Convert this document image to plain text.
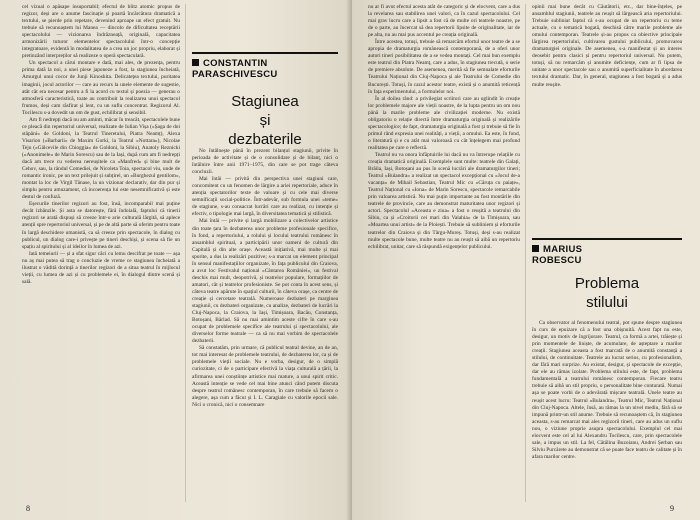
cel vizual o apăsape insuportabil; efectul de blitz atomic propus de regizor, deși are o anume fascinație și poartă încărcătura dramatică a textului, se pierde prin repetare, devenind aproape un efect gratuit. Nu trebuie să recunoaștem lui Manea — dincolo de dificultatea receptării spectacolului — vizionarea îndrăzneață, originală, capacitatea armonizării tuturor elementelor spectacolului într-o concepție integratoare, evidentă în modalitatea de a crea un joc propriu, elaborat și pretinzând interpreților să realizeze o operă spectaculară.

Un spectacol a cărui montare e datã, mai ales, de prezența, pentru prima dată la noi, a unei piese japoneze a fost, la stagiunea încheiată, Amurgul unui cocor de Junji Kinoshita. Delicatețea textului, puritatea imaginii, jocul actorilor — care au recurs la unele elemente de sugestie, atât cât era necesar pentru a fi la acord cu textul și poezia — generau o atmosferă caracteristică, toate au contribuit la realizarea unui spectacol frumos, deși cam răsfirat și lent, cu un suflu concentrat. Regizorul Al. Tocilescu s-a dovedit un om de gust, echilibrat și sensibil.

Am fi nedrepți dacă nu am aminti, măcar în treacăt, spectacolele bune ce pleacă din repertoriul universal, realizate de Iulian Vișa («Șaga de doi stăpâni» de Goldoni, la Teatrul Tineretului, Piatra Neamț), Alexa Visarion («Barbarii» de Maxim Gorki, la Teatrul «Nottara»), Nicolae Teju («Gâlcevile din Chioggia» de Goldoni, la Sibiu), Anatoly Reznicki («Anonimele» de Marin Sorescu) sau de la Iași, după cum am fi nedrepți dacă am trece cu vederea nereușitele ca «Manfred» și bine mult de Cehov, sau, la rândul Comediei, de Nicoleta Toia, spectacol viu, unde de romantic ironic, pe un text prilejuit și subțirel, un «Burghezul gentilom», montat la loc de Virgil Tănase, la un vizionar declarativ, dar din pur și simplu pentru amuzament, că incoerența lui este nesemnificativă și este destul de confuză.

Eșecurile tinerilor regizori au fost, însă, incomparabil mai puține decât izbânzile. Și asta se datorește, fără îndoială, faptului că tinerii regizori se arată dispuși să creeze într-o arie culturală lărgită, să aplece atenții spre repertoriul universal, și pe de altă parte să oferim pentru toate în largă deschidere umanistă, ca să creeze prin spectacole, în dialog cu publicul, un dialog care-i privește pe tineri deschiși, și scena să fie un spațiu al spiritului și al ideilor în lumea de azi.

Iată temeiurii — și a sfat sigur căci cu lemu descifrat pe toate — așa nu aș mai putea să trag o concluzie de vreme ce stagiunea încheiată a ilustrat o vădită dorință a tinerilor regizori de a situa teatrul în mijlocul vieții, cu lumea de azi și cu problemele ei, în dialogul dintre scenă și sală.

CONSTANTIN PARASCHIVESCU
Stagiunea
și
dezbaterile

No întâlnește până în prezent bilanțul stagiunii, privite în perioada de activitate și de o consolidare și de bilanț, nici o întâlnire între anii 1971–1975, din care se pot trage câteva concluzii.

Mai întâi — privită din perspectiva unei stagiuni care, concomitent cu un fenomen de lărgire a ariei repertoriale, aduce în atenția spectatorilor texte de valoare și cu cele mai diverse semnificații social-politice. Într-adevăr, sub formula unei «teme» de stagiune, s-au consacrat lucrări care au realizat, cu intenție și efectiv, o tipologie mai largă, în diversitatea tematică și stilistică.

Mai întâi — privite și largă mobilizare a colectivelor artistice din toate țara în dezbaterea unor probleme profesionale specifice, în fond, a repertoriului, a rolului și locului teatrului românesc în ansamblul spiritual, a participării unor oameni de cultură din Capitală și din alte orașe. Această inițiativă, mai multe și mai sporite, a dus la realizări pozitive; s-a marcat un element principal în sensul manifestațiilor organizate, în fața publicului din Craiova, a avut loc Festivalul național «Cântarea României», un festival deschis mai mult, deopotrivă, și teatrelor populare, formațiilor de amatori, cât și teatrelor profesioniste. Se pot conta în acest sens, și câteva teatre apărute în spațiul culturii, în câteva orașe, ca centre de creație și cercetare teatrală. Numeroase dezbateri pe marginea stagiunii, cu dezbateri organizate, cu analize, dezbateri de lucrări la Cluj-Napoca, la Craiova, la Iași, Timișoara, Bacău, Constanța, Botoșani, Bârlad. Să nu mai amintim aceste cifre în care s-au ocupat de problemele specifice ale teatrului și spectacolului, ale diverselor forme teatrale — ca să nu mai vorbim de spectacolele dezbaterii.

Să constatăm, prin urmare, că publicul teatral devine, an de an, tot mai interesat de problemele teatrului, de dezbaterea lor, ca și de problemele vieții sociale. Nu e vorba, desigur, de o simplă curiozitate, ci de o participare efectivă la viața culturală a țării, la afirmarea unei conștiințe artistice mai mature, a unui spirit critic. Această intenție se vede cel mai bine atunci când putem discuta despre teatrul românesc contemporan, în care trebuie să facem o alegere, așa cum a făcut și I. L. Caragiale cu valorile epocii sale. Nici o cronică, nici o consemnare

8

nu ar fi avut efectul acesta atât de categoric și de elocvent, care a dus la revelarea sau stabilirea unei valori, ca în cazul spectacolului. Cel mai grav lucru care a lipsit a fost că de multe ori teatrele noastre, pe de o parte, au încercat să dea repertorii lipsite de originalitate, iar de pe alta, nu au mai pus accentul pe creația originală.

Între acestea, totuși, trebuie să remarcăm efortul unor teatre de a se apropia de dramaturgia românească contemporană, de a oferi unor autori tineri posibilitatea de a se vedea montați. Cel mai bun exemplu este teatrul din Piatra Neamț, care a adus, în stagiunea trecută, o serie de premiere absolute. De asemenea, merită să fie semnalate eforturile Teatrului Național din Cluj-Napoca și ale Teatrului de Comedie din București. Totuși, în cazul acestor teatre, există și o anumită reticență în fața experimentului, a formulelor noi.

În al doilea rând: a privilegiat scriitori care au oglindit în creație lor problemele majore ale vieții noastre, de la lupta pentru un om nou până la marile probleme ale civilizației moderne. Nu există obligatoriu o relație directă între dramaturgia originală și realizările spectacologice; de fapt, dramaturgia originală a fost și trebuie să fie în primul rând expresia unei realități, a vieții, a omului. Ea este, în fond, o literatură și e cu atât mai valoroasă cu cât înțelegem mai profund realitatea pe care o reflectă.

Teatrul nu va onora înfăptuirile lui dacă nu va întrerupe relațiile cu creația dramatică originală. Exemplele sunt multe: teatrele din Galați, Brăila, Iași, Botoșani au pus în scenă lucrări ale dramaturgilor tineri; Teatrul «Bulandra» a realizat un spectacol excepțional cu «Jocul de-a vacanța» de Mihail Sebastian, Teatrul Mic cu «Căruța cu paiațe», Teatrul Național cu «Iona» de Marin Sorescu, spectacole remarcabile prin valoarea artistică. Nu mai puțin importante au fost montările din teatrele de provincie, care au demonstrat maturitatea unor regizori și actori. Spectacolul «Aceasta e ziua» a fost o reușită a teatrului din Sibiu, ca și «Croitorii cei mari din Valahia» de la Timișoara, sau «Moartea unui artist» de la Ploiești. Trebuie să subliniem și eforturile teatrelor din Craiova și din Târgu-Mureș. Totuși, deși s-au realizat multe spectacole bune, multe teatre nu au reușit să aibă un repertoriu echilibrat, unitar, care să răspundă exigențelor publicului.

opinii mai bune decât cu Căutătorii, etc., dar bine-înțeles, pe ansamblul stagiunii, teatrele au reușit să lărgească aria repertoriului. Trebuie subliniat faptul că s-au ocupat de un repertoriu cu teme actuale, cu o tematică bogată, deschisă către marile probleme ale omului contemporan. Teatrele și-au propus ca obiective principale lărgirea repertoriului, cultivarea gustului publicului, promovarea dramaturgiei originale. De asemenea, s-a manifestat și un interes deosebit pentru clasici și pentru repertoriul universal. Nu putem, totuși, să nu remarcăm și anumite deficiențe, cum ar fi lipsa de unitate a unor spectacole sau o anumită superficialitate în abordarea textului dramatic. Dar, în general, stagiunea a fost bogată și a adus multe reușite.

MARIUS
ROBESCU
Problema
stilului

Ca observator al fenomenului teatral, pot spune despre stagiunea în curs de epuizare că a fost una obișnuită. Acest fapt nu este, desigur, un motiv de îngrijorare. Teatrul, ca formă a artei, trăiește și prin momentele de liniște, de acumulare, de așteptare a marilor creații. Stagiunea aceasta a fost marcată de o anumită constanță a stilului, de continuitate. Teatrele au lucrat serios, cu profesionalism, dar fără mari surprize. Au existat, desigur, și spectacole de excepție, dar ele au rămas izolate. Problema stilului este, de fapt, problema fundamentală a teatrului românesc contemporan. Fiecare teatru trebuie să aibă un stil propriu, o personalitate bine conturată. Numai așa se poate vorbi de o adevărată mișcare teatrală. Unele teatre au reușit acest lucru: Teatrul «Bulandra», Teatrul Mic, Teatrul Național din Cluj-Napoca. Altele, însă, au rămas la un nivel mediu, fără să se impună printr-un stil anume. Trebuie să recunoaștem că, în stagiunea aceasta, s-au remarcat mai ales regizorii tineri, care au adus un suflu nou, o viziune proprie asupra spectacolului. Exemplul cel mai elocvent este cel al lui Alexandru Tocilescu, care, prin spectacolele sale, a impus un stil. La fel, Cătălina Buzoianu, Andrei Șerban sau Silviu Purcărete au demonstrat că se poate face teatru de calitate și în afara marilor centre.

9
